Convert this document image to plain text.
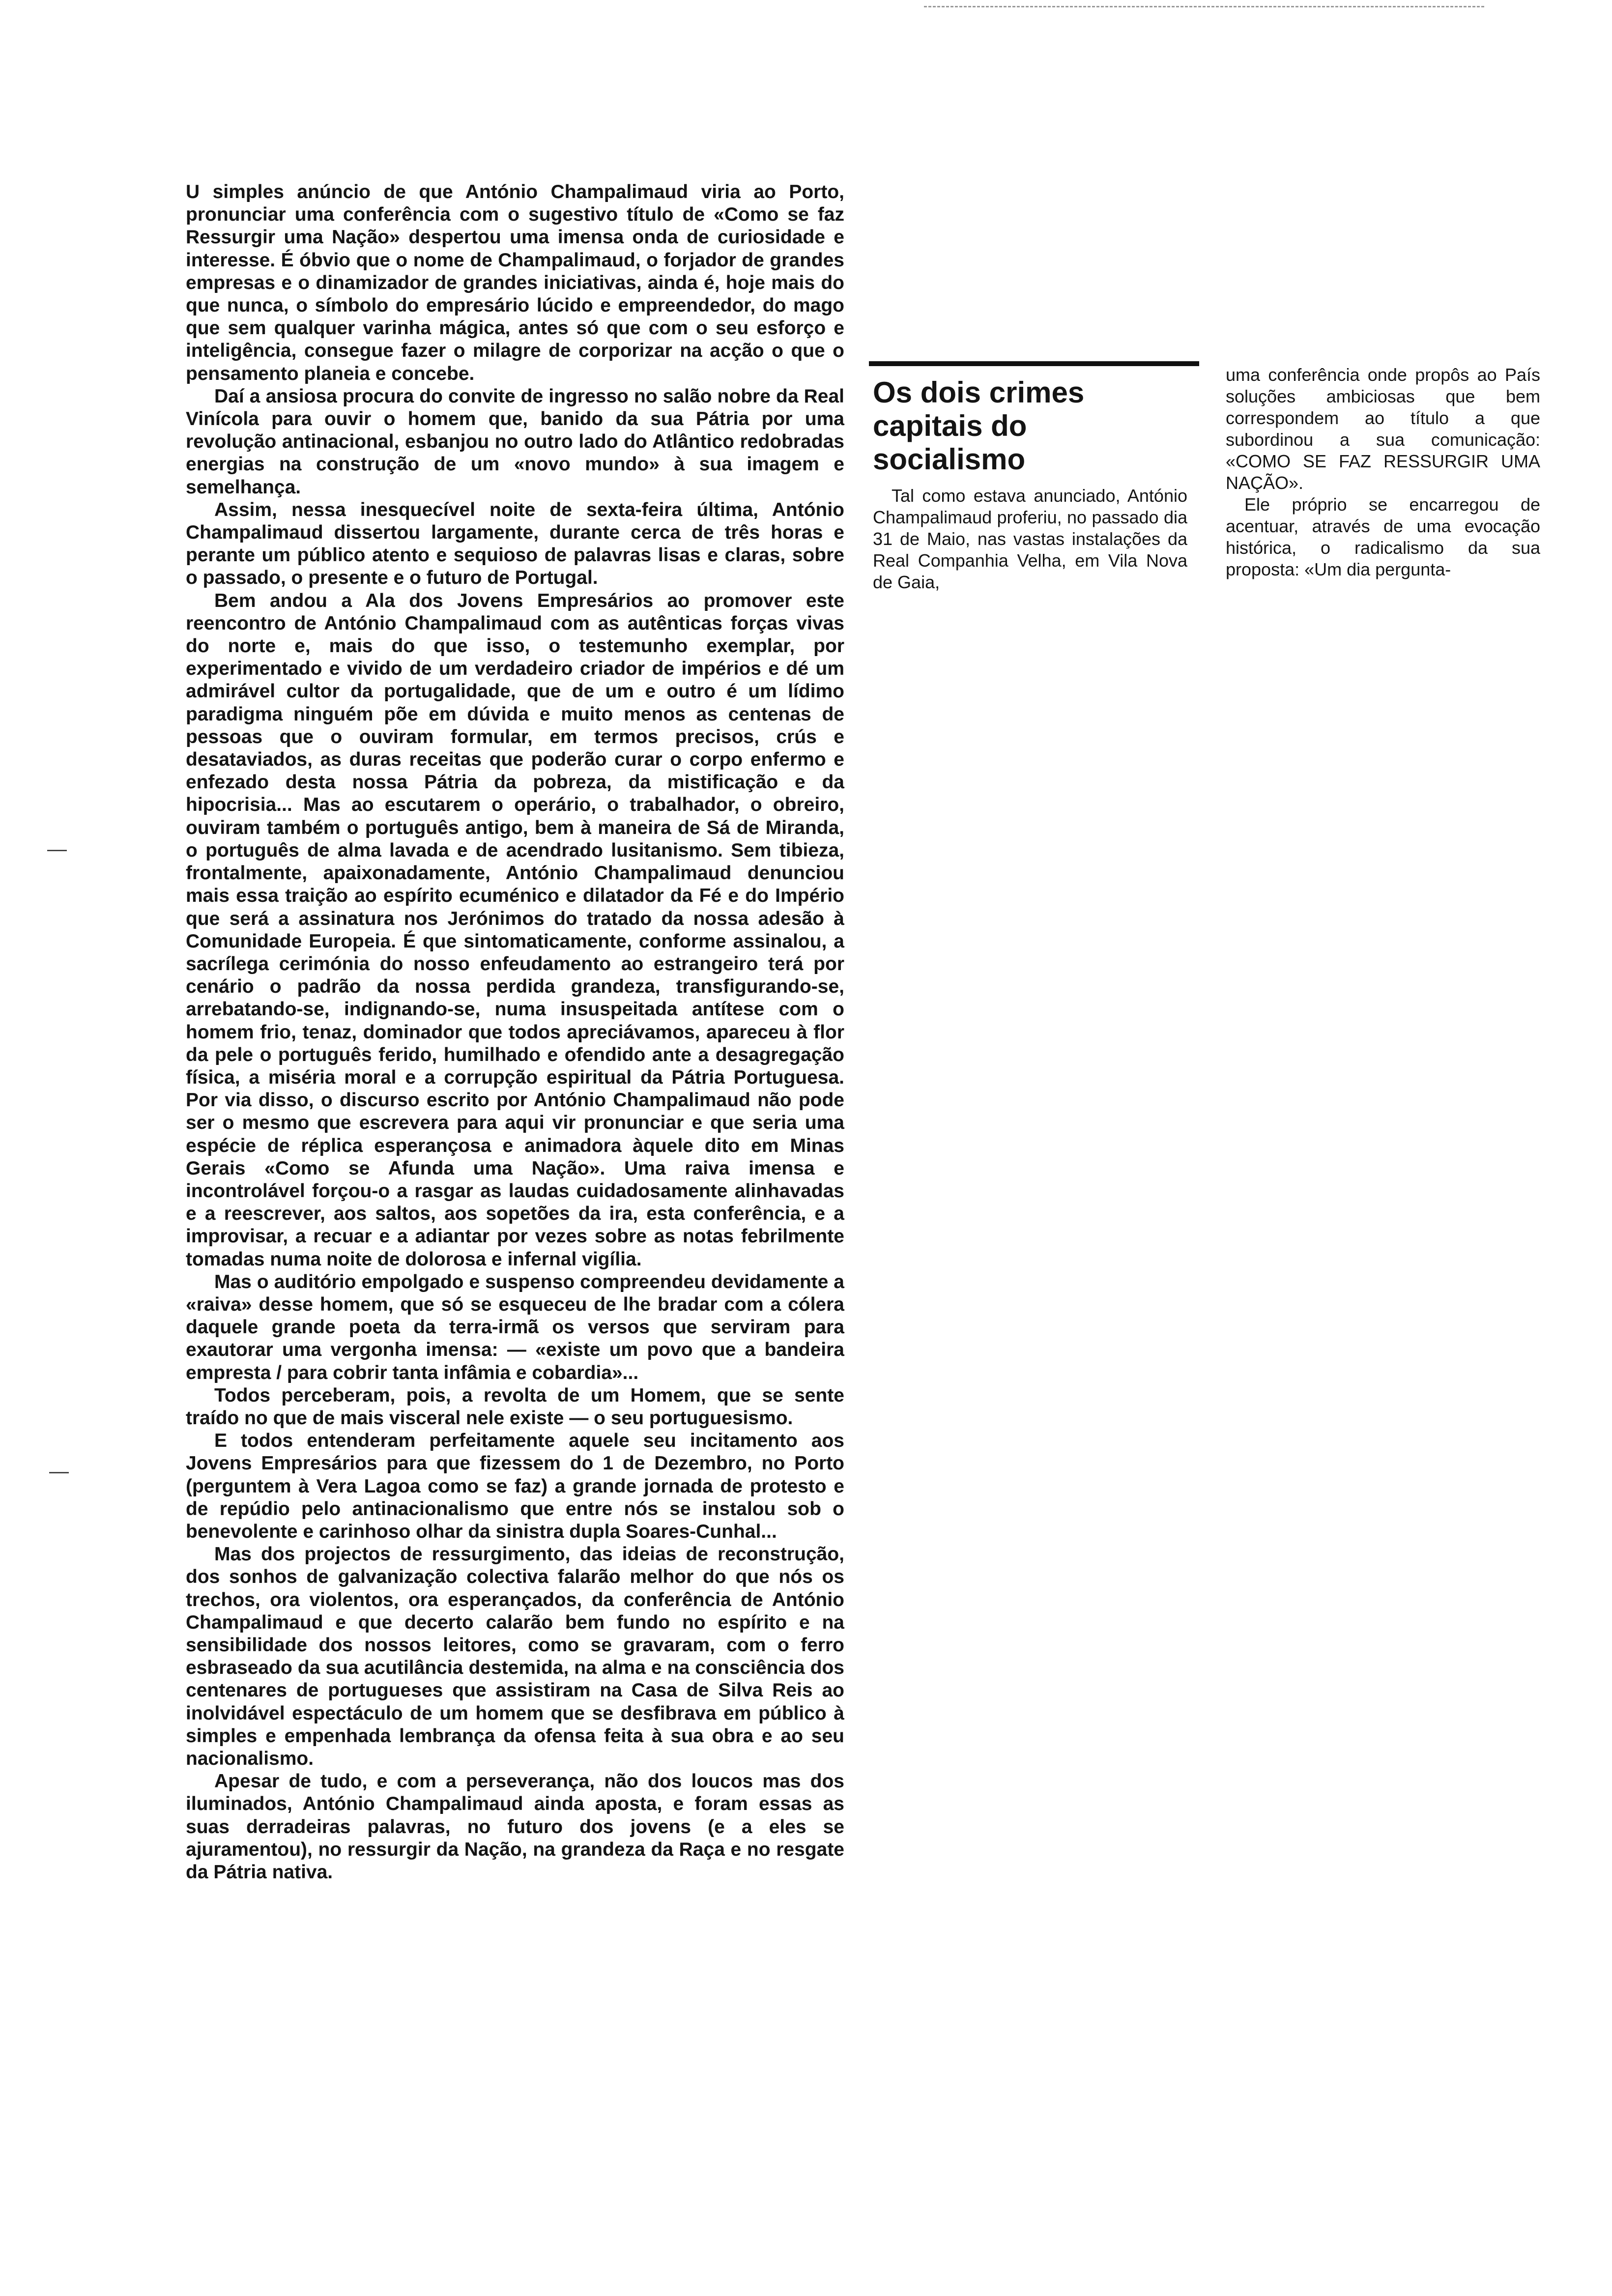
—
—

U simples anúncio de que António Champalimaud viria ao Porto, pronunciar uma conferência com o sugestivo título de «Como se faz Ressurgir uma Nação» despertou uma imensa onda de curiosidade e interesse. É óbvio que o nome de Champalimaud, o forjador de grandes empresas e o dinamizador de grandes iniciativas, ainda é, hoje mais do que nunca, o símbolo do empresário lúcido e empreendedor, do mago que sem qualquer varinha mágica, antes só que com o seu esforço e inteligência, consegue fazer o milagre de corporizar na acção o que o pensamento planeia e concebe.

Daí a ansiosa procura do convite de ingresso no salão nobre da Real Vinícola para ouvir o homem que, banido da sua Pátria por uma revolução antinacional, esbanjou no outro lado do Atlântico redobradas energias na construção de um «novo mundo» à sua imagem e semelhança.

Assim, nessa inesquecível noite de sexta-feira última, António Champalimaud dissertou largamente, durante cerca de três horas e perante um público atento e sequioso de palavras lisas e claras, sobre o passado, o presente e o futuro de Portugal.

Bem andou a Ala dos Jovens Empresários ao promover este reencontro de António Champalimaud com as autênticas forças vivas do norte e, mais do que isso, o testemunho exemplar, por experimentado e vivido de um verdadeiro criador de impérios e dé um admirável cultor da portugalidade, que de um e outro é um lídimo paradigma ninguém põe em dúvida e muito menos as centenas de pessoas que o ouviram formular, em termos precisos, crús e desataviados, as duras receitas que poderão curar o corpo enfermo e enfezado desta nossa Pátria da pobreza, da mistificação e da hipocrisia... Mas ao escutarem o operário, o trabalhador, o obreiro, ouviram também o português antigo, bem à maneira de Sá de Miranda, o português de alma lavada e de acendrado lusitanismo. Sem tibieza, frontalmente, apaixonadamente, António Champalimaud denunciou mais essa traição ao espírito ecuménico e dilatador da Fé e do Império que será a assinatura nos Jerónimos do tratado da nossa adesão à Comunidade Europeia. É que sintomaticamente, conforme assinalou, a sacrílega cerimónia do nosso enfeudamento ao estrangeiro terá por cenário o padrão da nossa perdida grandeza, transfigurando-se, arrebatando-se, indignando-se, numa insuspeitada antítese com o homem frio, tenaz, dominador que todos apreciávamos, apareceu à flor da pele o português ferido, humilhado e ofendido ante a desagregação física, a miséria moral e a corrupção espiritual da Pátria Portuguesa. Por via disso, o discurso escrito por António Champalimaud não pode ser o mesmo que escrevera para aqui vir pronunciar e que seria uma espécie de réplica esperançosa e animadora àquele dito em Minas Gerais «Como se Afunda uma Nação». Uma raiva imensa e incontrolável forçou-o a rasgar as laudas cuidadosamente alinhavadas e a reescrever, aos saltos, aos sopetões da ira, esta conferência, e a improvisar, a recuar e a adiantar por vezes sobre as notas febrilmente tomadas numa noite de dolorosa e infernal vigília.

Mas o auditório empolgado e suspenso compreendeu devidamente a «raiva» desse homem, que só se esqueceu de lhe bradar com a cólera daquele grande poeta da terra-irmã os versos que serviram para exautorar uma vergonha imensa: — «existe um povo que a bandeira empresta / para cobrir tanta infâmia e cobardia»...

Todos perceberam, pois, a revolta de um Homem, que se sente traído no que de mais visceral nele existe — o seu portuguesismo.

E todos entenderam perfeitamente aquele seu incitamento aos Jovens Empresários para que fizessem do 1 de Dezembro, no Porto (perguntem à Vera Lagoa como se faz) a grande jornada de protesto e de repúdio pelo antinacionalismo que entre nós se instalou sob o benevolente e carinhoso olhar da sinistra dupla Soares-Cunhal...

Mas dos projectos de ressurgimento, das ideias de reconstrução, dos sonhos de galvanização colectiva falarão melhor do que nós os trechos, ora violentos, ora esperançados, da conferência de António Champalimaud e que decerto calarão bem fundo no espírito e na sensibilidade dos nossos leitores, como se gravaram, com o ferro esbraseado da sua acutilância destemida, na alma e na consciência dos centenares de portugueses que assistiram na Casa de Silva Reis ao inolvidável espectáculo de um homem que se desfibrava em público à simples e empenhada lembrança da ofensa feita à sua obra e ao seu nacionalismo.

Apesar de tudo, e com a perseverança, não dos loucos mas dos iluminados, António Champalimaud ainda aposta, e foram essas as suas derradeiras palavras, no futuro dos jovens (e a eles se ajuramentou), no ressurgir da Nação, na grandeza da Raça e no resgate da Pátria nativa.

Os dois crimes capitais do socialismo

Tal como estava anunciado, António Champalimaud proferiu, no passado dia 31 de Maio, nas vastas instalações da Real Companhia Velha, em Vila Nova de Gaia,

uma conferência onde propôs ao País soluções ambiciosas que bem correspondem ao título a que subordinou a sua comunicação: «COMO SE FAZ RESSURGIR UMA NAÇÃO».

Ele próprio se encarregou de acentuar, através de uma evocação histórica, o radicalismo da sua proposta: «Um dia pergunta-
